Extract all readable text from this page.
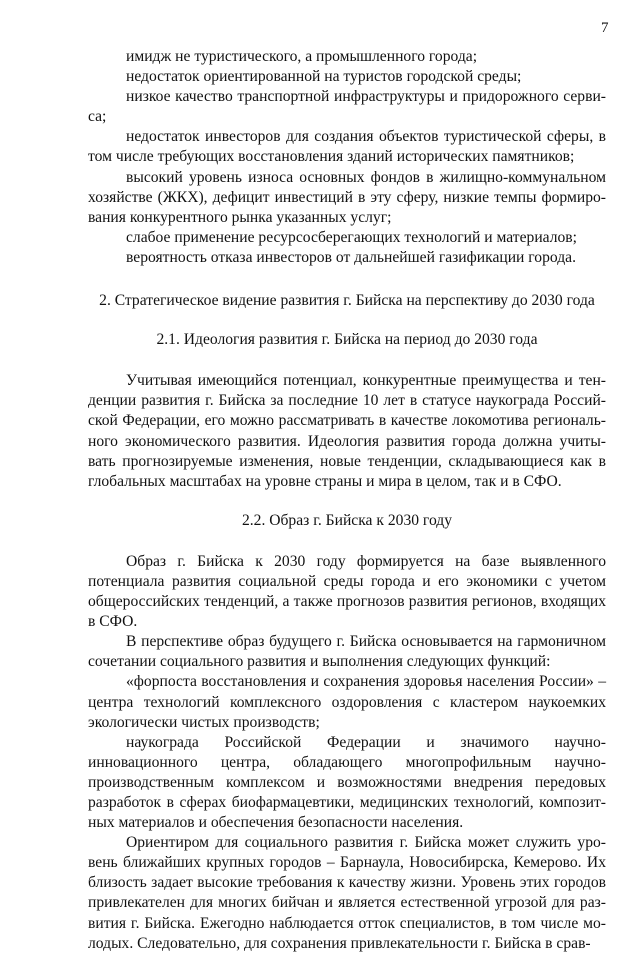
7

имидж не туристического, а промышленного города;

недостаток ориентированной на туристов городской среды;

низкое качество транспортной инфраструктуры и придорожного серви-са;

недостаток инвесторов для создания объектов туристической сферы, в том числе требующих восстановления зданий исторических памятников;

высокий уровень износа основных фондов в жилищно-коммунальном хозяйстве (ЖКХ), дефицит инвестиций в эту сферу, низкие темпы формиро-вания конкурентного рынка указанных услуг;

слабое применение ресурсосберегающих технологий и материалов;

вероятность отказа инвесторов от дальнейшей газификации города.

2. Стратегическое видение развития г. Бийска на перспективу до 2030 года

2.1. Идеология развития г. Бийска на период до 2030 года

Учитывая имеющийся потенциал, конкурентные преимущества и тен-денции развития г. Бийска за последние 10 лет в статусе наукограда Россий-ской Федерации, его можно рассматривать в качестве локомотива региональ-ного экономического развития. Идеология развития города должна учиты-вать прогнозируемые изменения, новые тенденции, складывающиеся как в глобальных масштабах на уровне страны и мира в целом, так и в СФО.

2.2. Образ г. Бийска к 2030 году

Образ г. Бийска к 2030 году формируется на базе выявленного потенциала развития социальной среды города и его экономики с учетом общероссийских тенденций, а также прогнозов развития регионов, входящих в СФО.

В перспективе образ будущего г. Бийска основывается на гармоничном сочетании социального развития и выполнения следующих функций:

«форпоста восстановления и сохранения здоровья населения России» – центра технологий комплексного оздоровления с кластером наукоемких экологически чистых производств;

наукограда Российской Федерации и значимого научно-инновационного центра, обладающего многопрофильным научно-производственным комплексом и возможностями внедрения передовых разработок в сферах биофармацевтики, медицинских технологий, композит-ных материалов и обеспечения безопасности населения.

Ориентиром для социального развития г. Бийска может служить уро-вень ближайших крупных городов – Барнаула, Новосибирска, Кемерово. Их близость задает высокие требования к качеству жизни. Уровень этих городов привлекателен для многих бийчан и является естественной угрозой для раз-вития г. Бийска. Ежегодно наблюдается отток специалистов, в том числе мо-лодых. Следовательно, для сохранения привлекательности г. Бийска в срав-
